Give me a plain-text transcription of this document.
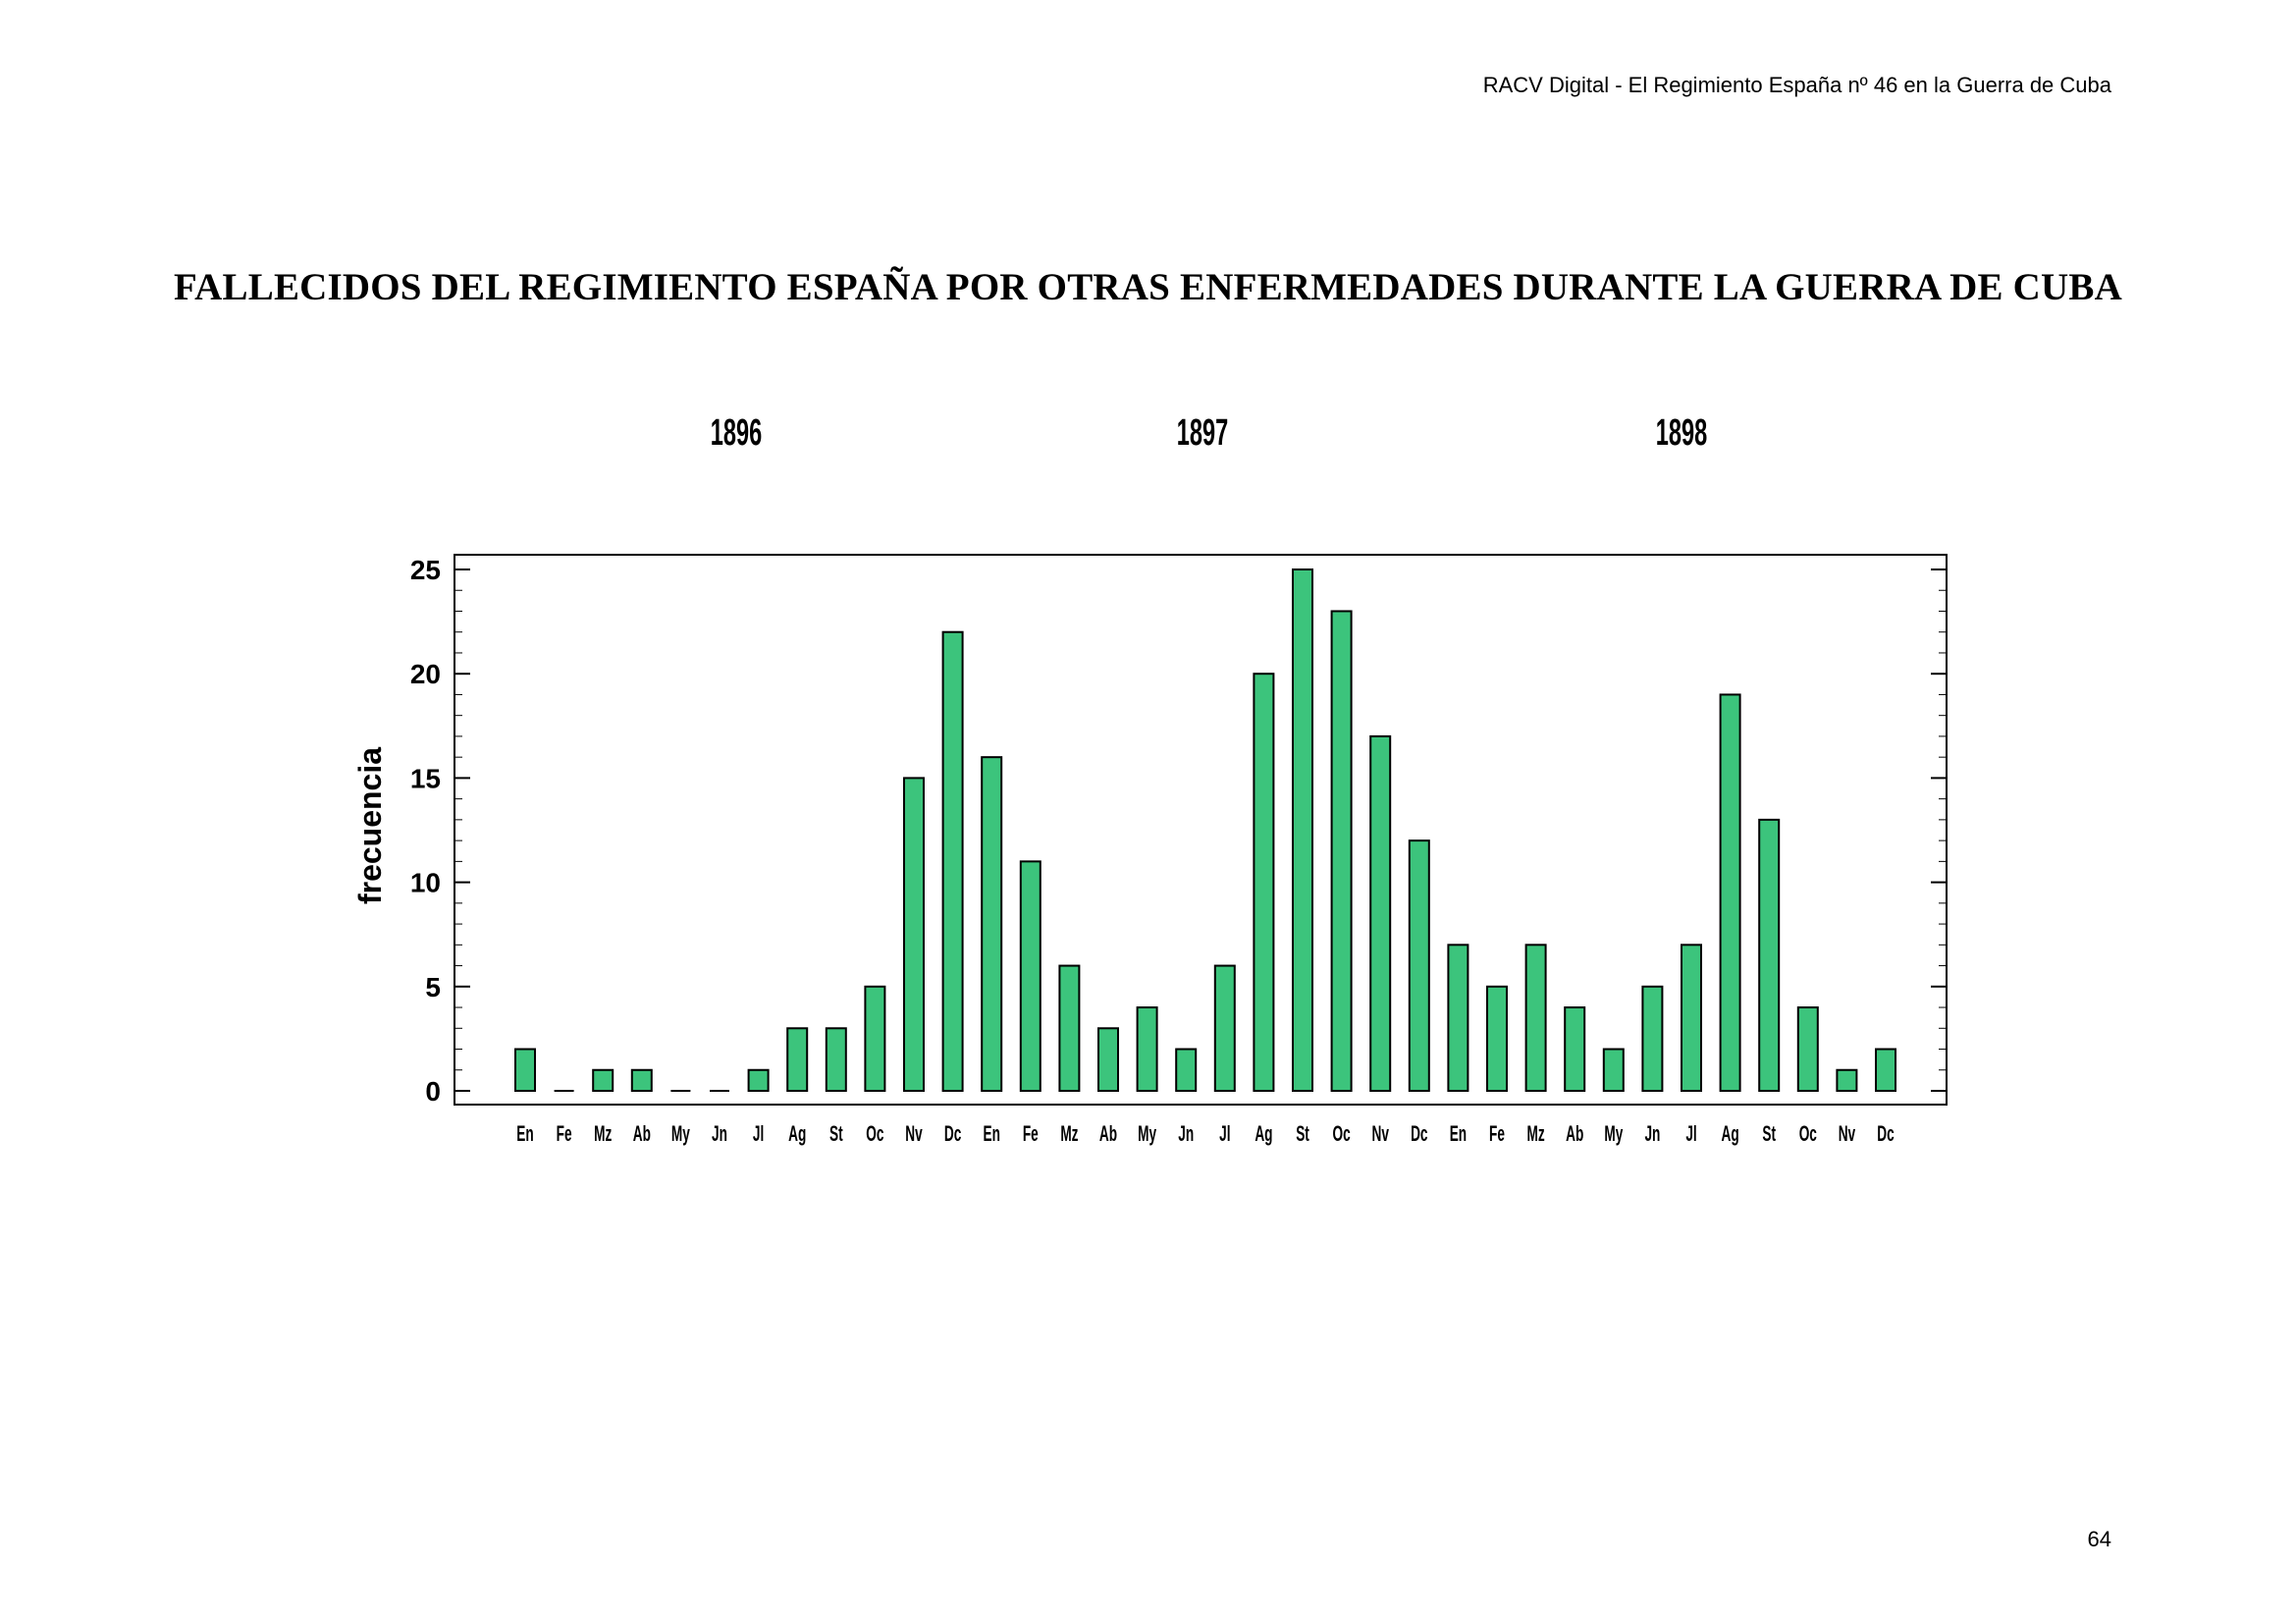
RACV Digital - El Regimiento España nº 46 en la Guerra de Cuba
FALLECIDOS DEL REGIMIENTO ESPAÑA POR OTRAS ENFERMEDADES DURANTE LA GUERRA DE CUBA
1896	1897	1898
0
5
10
15
20
25
frecuencia
En Fe Mz Ab My Jn Jl Ag St Oc Nv Dc En Fe Mz Ab My Jn Jl Ag St Oc Nv Dc En Fe Mz Ab My Jn Jl Ag St Oc Nv Dc
64
